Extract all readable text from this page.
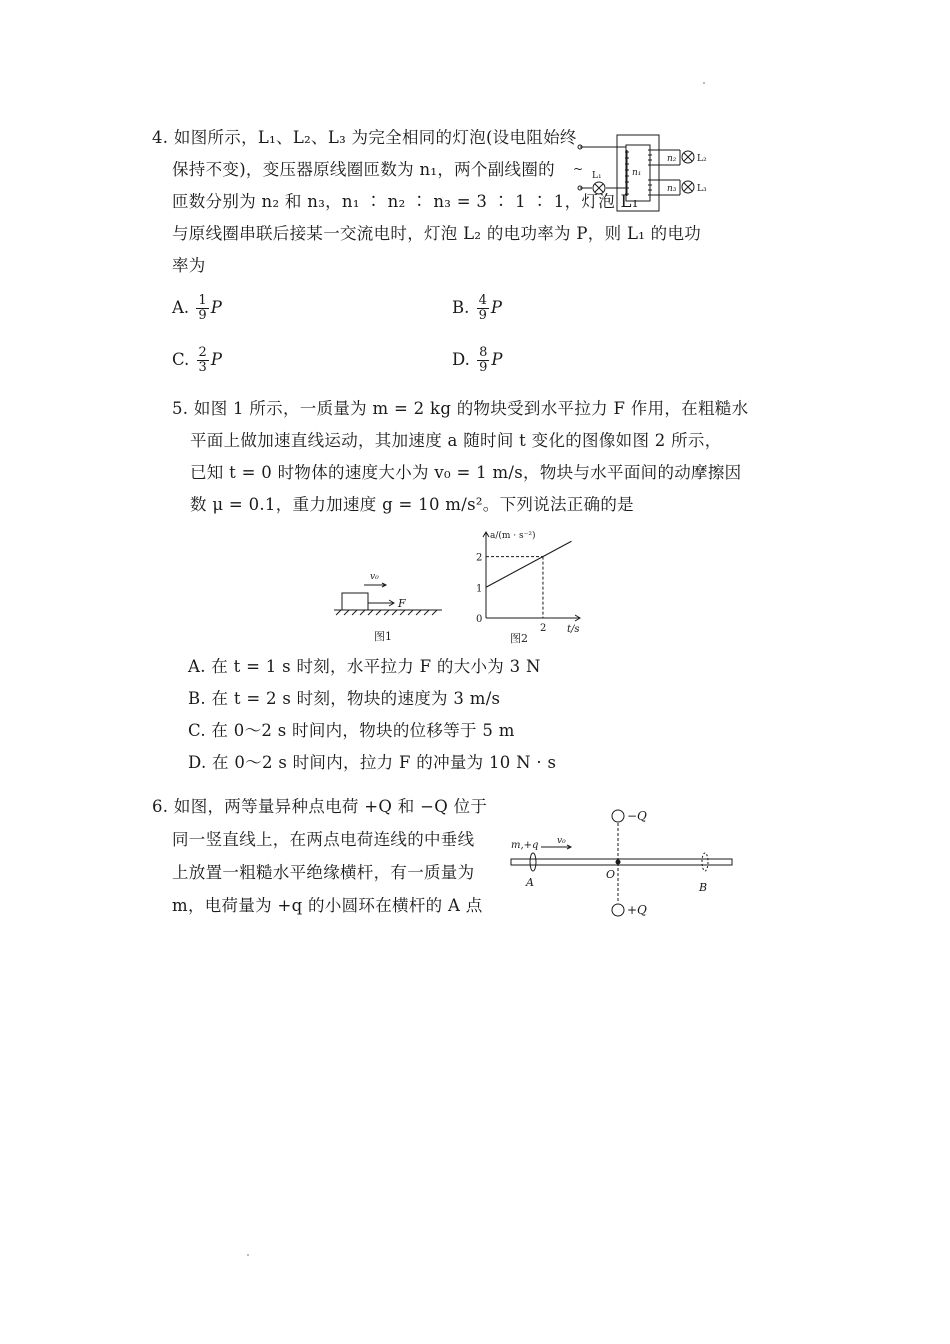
4. 如图所示，L₁、L₂、L₃ 为完全相同的灯泡(设电阻始终
保持不变)，变压器原线圈匝数为 n₁，两个副线圈的
匝数分别为 n₂ 和 n₃，n₁ ∶ n₂ ∶ n₃ = 3 ∶ 1 ∶ 1，灯泡 L₁
与原线圈串联后接某一交流电时，灯泡 L₂ 的电功率为 P，则 L₁ 的电功
率为
A. $\frac{1}{9}$ P	B. $\frac{4}{9}$ P
C. $\frac{2}{3}$ P	D. $\frac{8}{9}$ P
~ L₁	n₁
n₂
n₃
L₂
L₃
5. 如图 1 所示，一质量为 m = 2 kg 的物块受到水平拉力 F 作用，在粗糙水
平面上做加速直线运动，其加速度 a 随时间 t 变化的图像如图 2 所示，
已知 t = 0 时物体的速度大小为 v₀ = 1 m/s，物块与水平面间的动摩擦因
数 μ = 0.1，重力加速度 g = 10 m/s²。下列说法正确的是
v₀
F
图1
a/(m · s⁻²)
t/s
0
1
2
2
图2
A. 在 t = 1 s 时刻，水平拉力 F 的大小为 3 N
B. 在 t = 2 s 时刻，物块的速度为 3 m/s
C. 在 0～2 s 时间内，物块的位移等于 5 m
D. 在 0～2 s 时间内，拉力 F 的冲量为 10 N · s
6. 如图，两等量异种点电荷 +Q 和 −Q 位于
同一竖直线上，在两点电荷连线的中垂线
上放置一粗糙水平绝缘横杆，有一质量为
m，电荷量为 +q 的小圆环在横杆的 A 点
−Q
+Q
m,+q v₀
A
O
B
